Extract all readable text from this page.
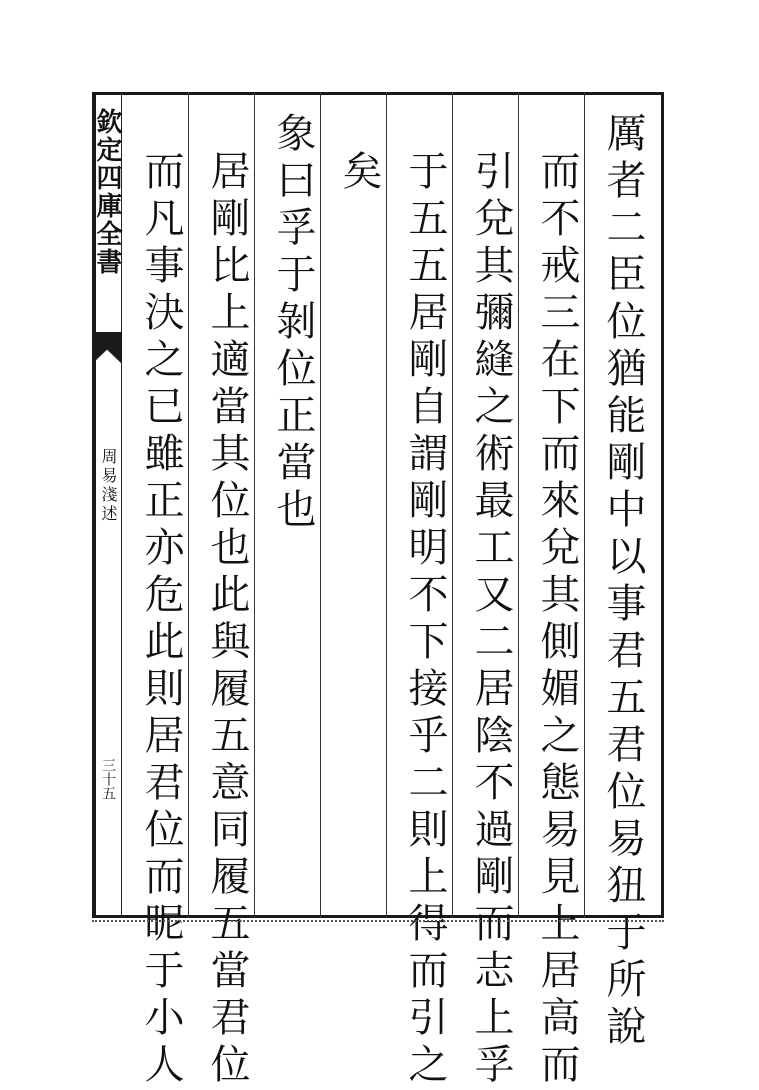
欽定四庫全書
周易淺述
三十五	厲者二臣位猶能剛中以事君五君位易狃于所說
而不戒三在下而來兌其側媚之態易見上居高而
引兌其彌縫之術最工又二居陰不過剛而志上孚
于五五居剛自謂剛明不下接乎二則上得而引之
矣
象曰孚于剝位正當也
居剛比上適當其位也此與履五意同履五當君位
而凡事決之已雖正亦危此則居君位而昵于小人
